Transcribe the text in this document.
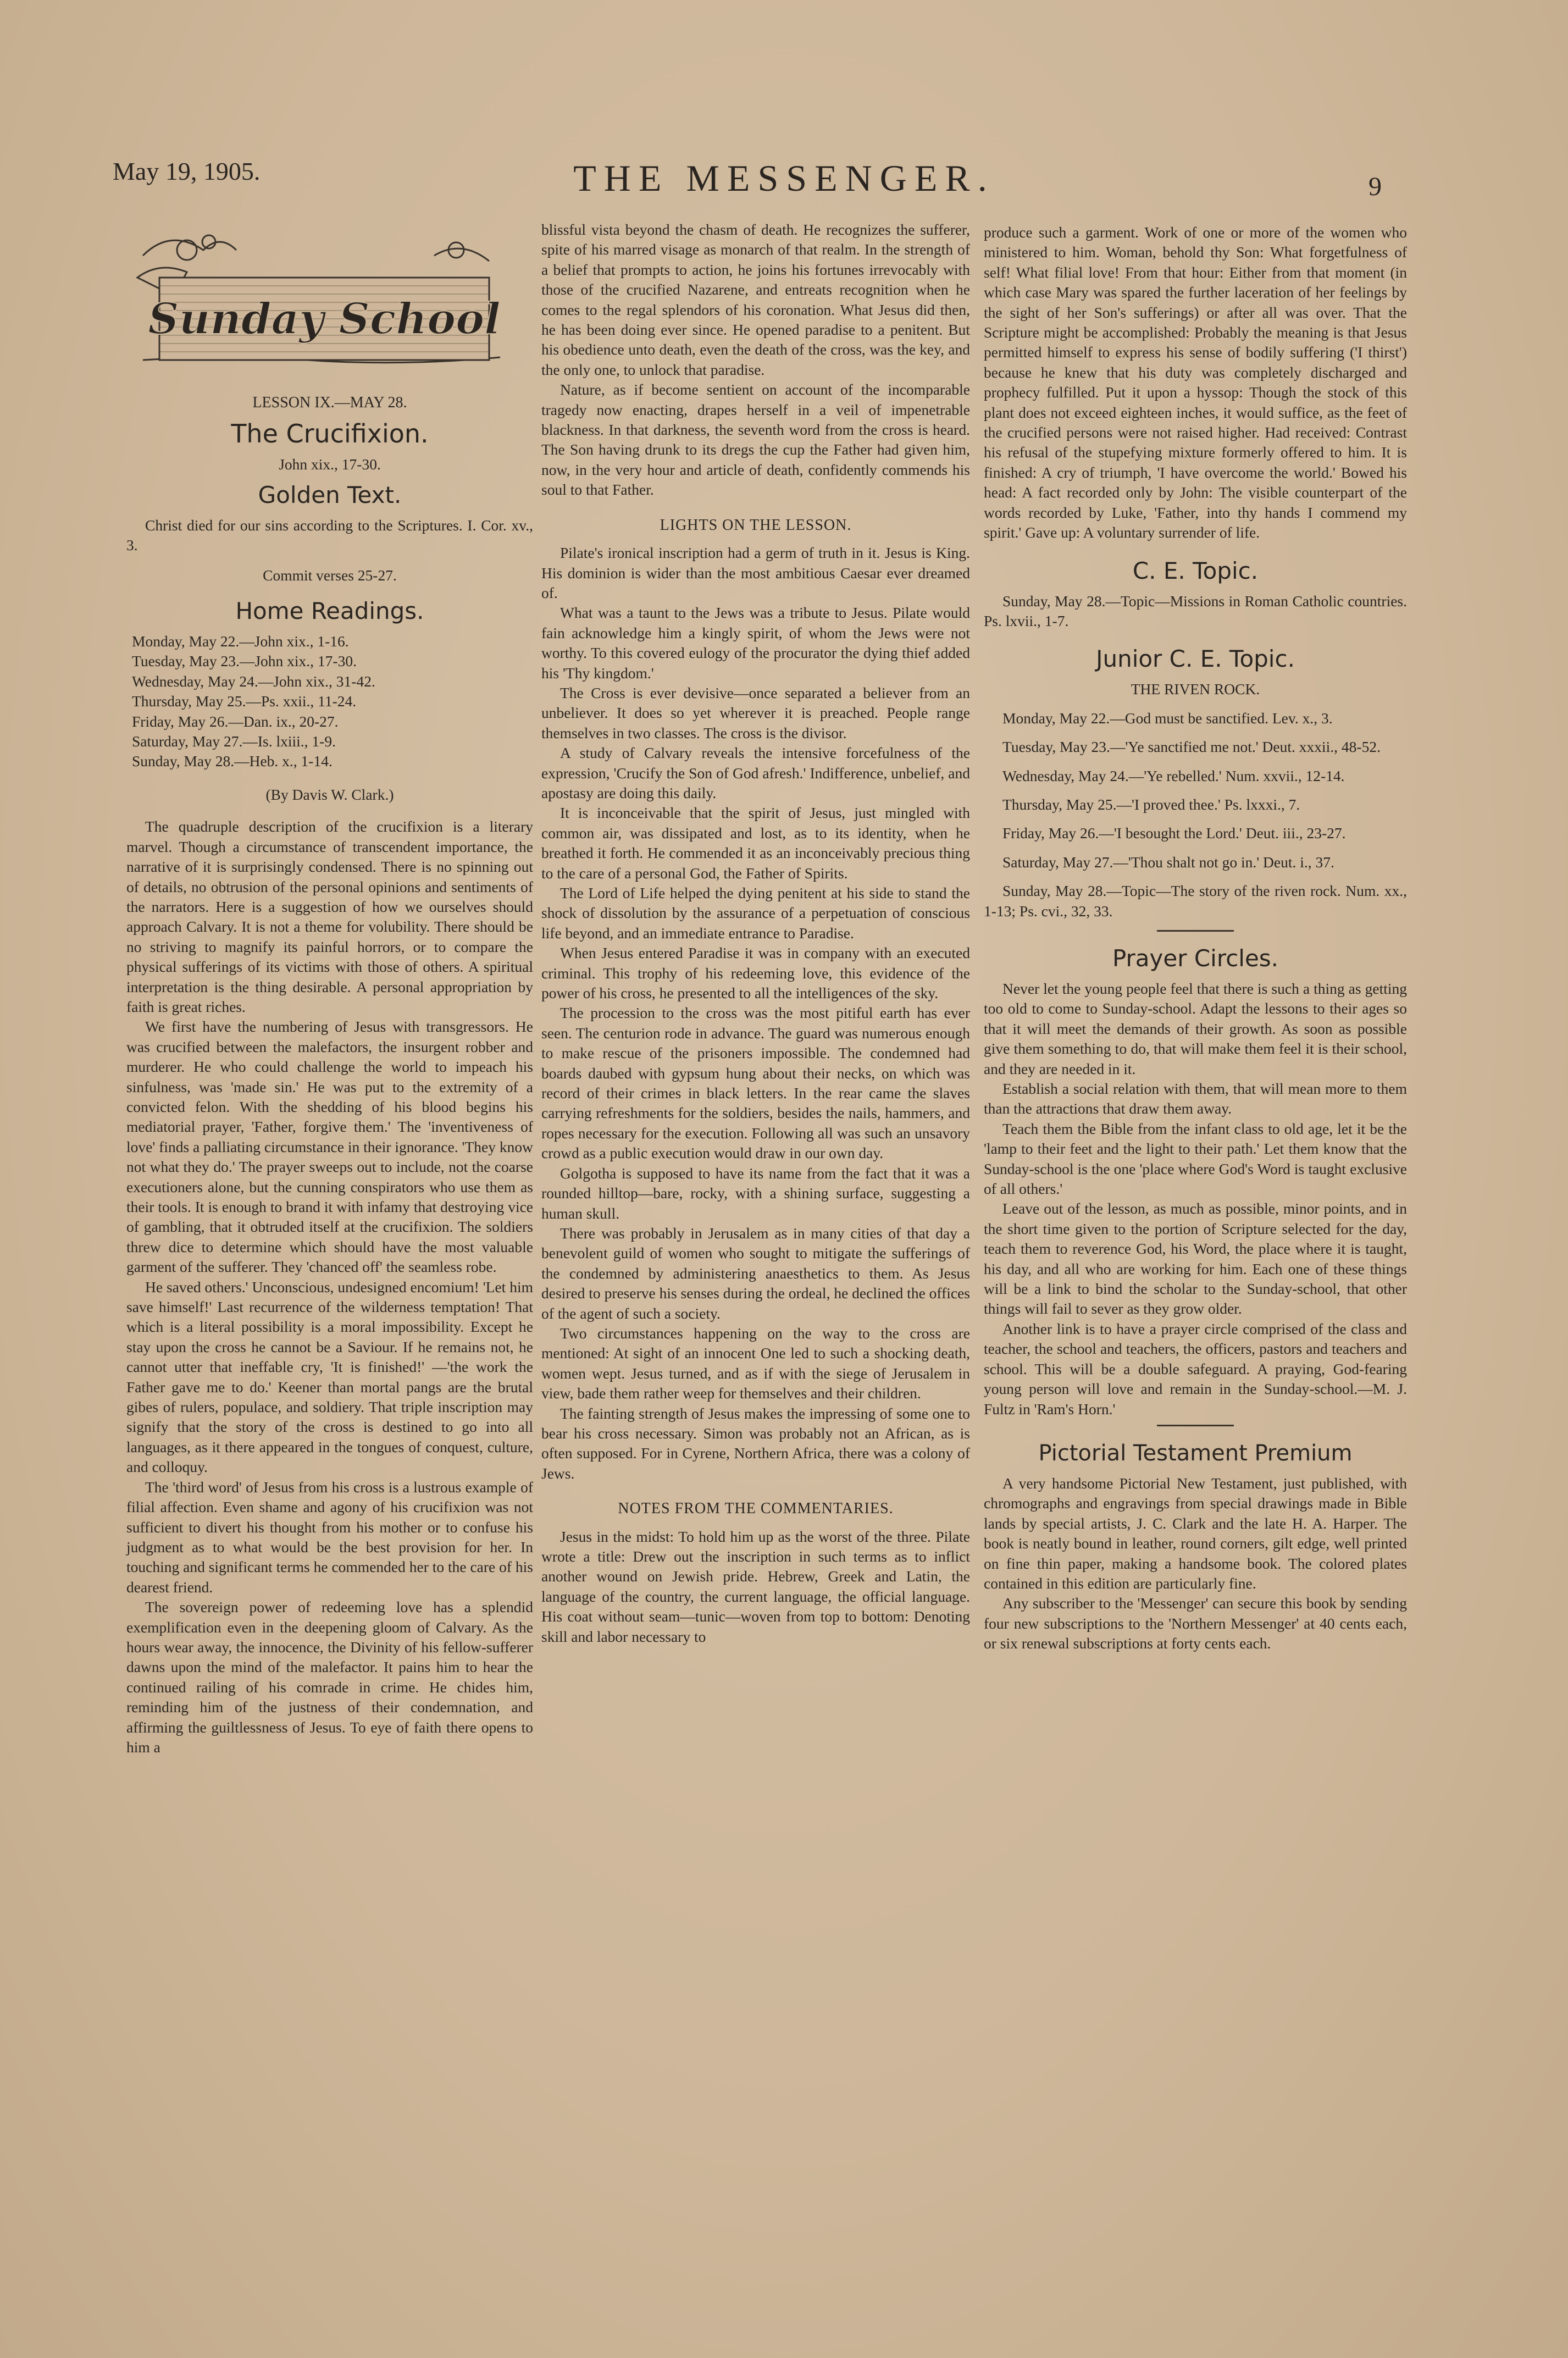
May 19, 1905.	THE MESSENGER.	9
Sunday School

LESSON IX.—MAY 28.

The Crucifixion.

John xix., 17-30.

Golden Text.

Christ died for our sins according to the Scriptures. I. Cor. xv., 3.

Commit verses 25-27.

Home Readings.

Monday, May 22.—John xix., 1-16.

Tuesday, May 23.—John xix., 17-30.

Wednesday, May 24.—John xix., 31-42.

Thursday, May 25.—Ps. xxii., 11-24.

Friday, May 26.—Dan. ix., 20-27.

Saturday, May 27.—Is. lxiii., 1-9.

Sunday, May 28.—Heb. x., 1-14.

(By Davis W. Clark.)

The quadruple description of the crucifixion is a literary marvel. Though a circumstance of transcendent importance, the narrative of it is surprisingly condensed. There is no spinning out of details, no obtrusion of the personal opinions and sentiments of the narrators. Here is a suggestion of how we ourselves should approach Calvary. It is not a theme for volubility. There should be no striving to magnify its painful horrors, or to compare the physical sufferings of its victims with those of others. A spiritual interpretation is the thing desirable. A personal appropriation by faith is great riches.

We first have the numbering of Jesus with transgressors. He was crucified between the malefactors, the insurgent robber and murderer. He who could challenge the world to impeach his sinfulness, was 'made sin.' He was put to the extremity of a convicted felon. With the shedding of his blood begins his mediatorial prayer, 'Father, forgive them.' The 'inventiveness of love' finds a palliating circumstance in their ignorance. 'They know not what they do.' The prayer sweeps out to include, not the coarse executioners alone, but the cunning conspirators who use them as their tools. It is enough to brand it with infamy that destroying vice of gambling, that it obtruded itself at the crucifixion. The soldiers threw dice to determine which should have the most valuable garment of the sufferer. They 'chanced off' the seamless robe.

He saved others.' Unconscious, undesigned encomium! 'Let him save himself!' Last recurrence of the wilderness temptation! That which is a literal possibility is a moral impossibility. Except he stay upon the cross he cannot be a Saviour. If he remains not, he cannot utter that ineffable cry, 'It is finished!' —'the work the Father gave me to do.' Keener than mortal pangs are the brutal gibes of rulers, populace, and soldiery. That triple inscription may signify that the story of the cross is destined to go into all languages, as it there appeared in the tongues of conquest, culture, and colloquy.

The 'third word' of Jesus from his cross is a lustrous example of filial affection. Even shame and agony of his crucifixion was not sufficient to divert his thought from his mother or to confuse his judgment as to what would be the best provision for her. In touching and significant terms he commended her to the care of his dearest friend.

The sovereign power of redeeming love has a splendid exemplification even in the deepening gloom of Calvary. As the hours wear away, the innocence, the Divinity of his fellow-sufferer dawns upon the mind of the malefactor. It pains him to hear the continued railing of his comrade in crime. He chides him, reminding him of the justness of their condemnation, and affirming the guiltlessness of Jesus. To eye of faith there opens to him a

blissful vista beyond the chasm of death. He recognizes the sufferer, spite of his marred visage as monarch of that realm. In the strength of a belief that prompts to action, he joins his fortunes irrevocably with those of the crucified Nazarene, and entreats recognition when he comes to the regal splendors of his coronation. What Jesus did then, he has been doing ever since. He opened paradise to a penitent. But his obedience unto death, even the death of the cross, was the key, and the only one, to unlock that paradise.

Nature, as if become sentient on account of the incomparable tragedy now enacting, drapes herself in a veil of impenetrable blackness. In that darkness, the seventh word from the cross is heard. The Son having drunk to its dregs the cup the Father had given him, now, in the very hour and article of death, confidently commends his soul to that Father.

LIGHTS ON THE LESSON.

Pilate's ironical inscription had a germ of truth in it. Jesus is King. His dominion is wider than the most ambitious Caesar ever dreamed of.

What was a taunt to the Jews was a tribute to Jesus. Pilate would fain acknowledge him a kingly spirit, of whom the Jews were not worthy. To this covered eulogy of the procurator the dying thief added his 'Thy kingdom.'

The Cross is ever devisive—once separated a believer from an unbeliever. It does so yet wherever it is preached. People range themselves in two classes. The cross is the divisor.

A study of Calvary reveals the intensive forcefulness of the expression, 'Crucify the Son of God afresh.' Indifference, unbelief, and apostasy are doing this daily.

It is inconceivable that the spirit of Jesus, just mingled with common air, was dissipated and lost, as to its identity, when he breathed it forth. He commended it as an inconceivably precious thing to the care of a personal God, the Father of Spirits.

The Lord of Life helped the dying penitent at his side to stand the shock of dissolution by the assurance of a perpetuation of conscious life beyond, and an immediate entrance to Paradise.

When Jesus entered Paradise it was in company with an executed criminal. This trophy of his redeeming love, this evidence of the power of his cross, he presented to all the intelligences of the sky.

The procession to the cross was the most pitiful earth has ever seen. The centurion rode in advance. The guard was numerous enough to make rescue of the prisoners impossible. The condemned had boards daubed with gypsum hung about their necks, on which was record of their crimes in black letters. In the rear came the slaves carrying refreshments for the soldiers, besides the nails, hammers, and ropes necessary for the execution. Following all was such an unsavory crowd as a public execution would draw in our own day.

Golgotha is supposed to have its name from the fact that it was a rounded hilltop—bare, rocky, with a shining surface, suggesting a human skull.

There was probably in Jerusalem as in many cities of that day a benevolent guild of women who sought to mitigate the sufferings of the condemned by administering anaesthetics to them. As Jesus desired to preserve his senses during the ordeal, he declined the offices of the agent of such a society.

Two circumstances happening on the way to the cross are mentioned: At sight of an innocent One led to such a shocking death, women wept. Jesus turned, and as if with the siege of Jerusalem in view, bade them rather weep for themselves and their children.

The fainting strength of Jesus makes the impressing of some one to bear his cross necessary. Simon was probably not an African, as is often supposed. For in Cyrene, Northern Africa, there was a colony of Jews.

NOTES FROM THE COMMENTARIES.

Jesus in the midst: To hold him up as the worst of the three. Pilate wrote a title: Drew out the inscription in such terms as to inflict another wound on Jewish pride. Hebrew, Greek and Latin, the language of the country, the current language, the official language. His coat without seam—tunic—woven from top to bottom: Denoting skill and labor necessary to

produce such a garment. Work of one or more of the women who ministered to him. Woman, behold thy Son: What forgetfulness of self! What filial love! From that hour: Either from that moment (in which case Mary was spared the further laceration of her feelings by the sight of her Son's sufferings) or after all was over. That the Scripture might be accomplished: Probably the meaning is that Jesus permitted himself to express his sense of bodily suffering ('I thirst') because he knew that his duty was completely discharged and prophecy fulfilled. Put it upon a hyssop: Though the stock of this plant does not exceed eighteen inches, it would suffice, as the feet of the crucified persons were not raised higher. Had received: Contrast his refusal of the stupefying mixture formerly offered to him. It is finished: A cry of triumph, 'I have overcome the world.' Bowed his head: A fact recorded only by John: The visible counterpart of the words recorded by Luke, 'Father, into thy hands I commend my spirit.' Gave up: A voluntary surrender of life.

C. E. Topic.

Sunday, May 28.—Topic—Missions in Roman Catholic countries. Ps. lxvii., 1-7.

Junior C. E. Topic.

THE RIVEN ROCK.

Monday, May 22.—God must be sanctified. Lev. x., 3.

Tuesday, May 23.—'Ye sanctified me not.' Deut. xxxii., 48-52.

Wednesday, May 24.—'Ye rebelled.' Num. xxvii., 12-14.

Thursday, May 25.—'I proved thee.' Ps. lxxxi., 7.

Friday, May 26.—'I besought the Lord.' Deut. iii., 23-27.

Saturday, May 27.—'Thou shalt not go in.' Deut. i., 37.

Sunday, May 28.—Topic—The story of the riven rock. Num. xx., 1-13; Ps. cvi., 32, 33.

Prayer Circles.

Never let the young people feel that there is such a thing as getting too old to come to Sunday-school. Adapt the lessons to their ages so that it will meet the demands of their growth. As soon as possible give them something to do, that will make them feel it is their school, and they are needed in it.

Establish a social relation with them, that will mean more to them than the attractions that draw them away.

Teach them the Bible from the infant class to old age, let it be the 'lamp to their feet and the light to their path.' Let them know that the Sunday-school is the one 'place where God's Word is taught exclusive of all others.'

Leave out of the lesson, as much as possible, minor points, and in the short time given to the portion of Scripture selected for the day, teach them to reverence God, his Word, the place where it is taught, his day, and all who are working for him. Each one of these things will be a link to bind the scholar to the Sunday-school, that other things will fail to sever as they grow older.

Another link is to have a prayer circle comprised of the class and teacher, the school and teachers, the officers, pastors and teachers and school. This will be a double safeguard. A praying, God-fearing young person will love and remain in the Sunday-school.—M. J. Fultz in 'Ram's Horn.'

Pictorial Testament Premium

A very handsome Pictorial New Testament, just published, with chromographs and engravings from special drawings made in Bible lands by special artists, J. C. Clark and the late H. A. Harper. The book is neatly bound in leather, round corners, gilt edge, well printed on fine thin paper, making a handsome book. The colored plates contained in this edition are particularly fine.

Any subscriber to the 'Messenger' can secure this book by sending four new subscriptions to the 'Northern Messenger' at 40 cents each, or six renewal subscriptions at forty cents each.
